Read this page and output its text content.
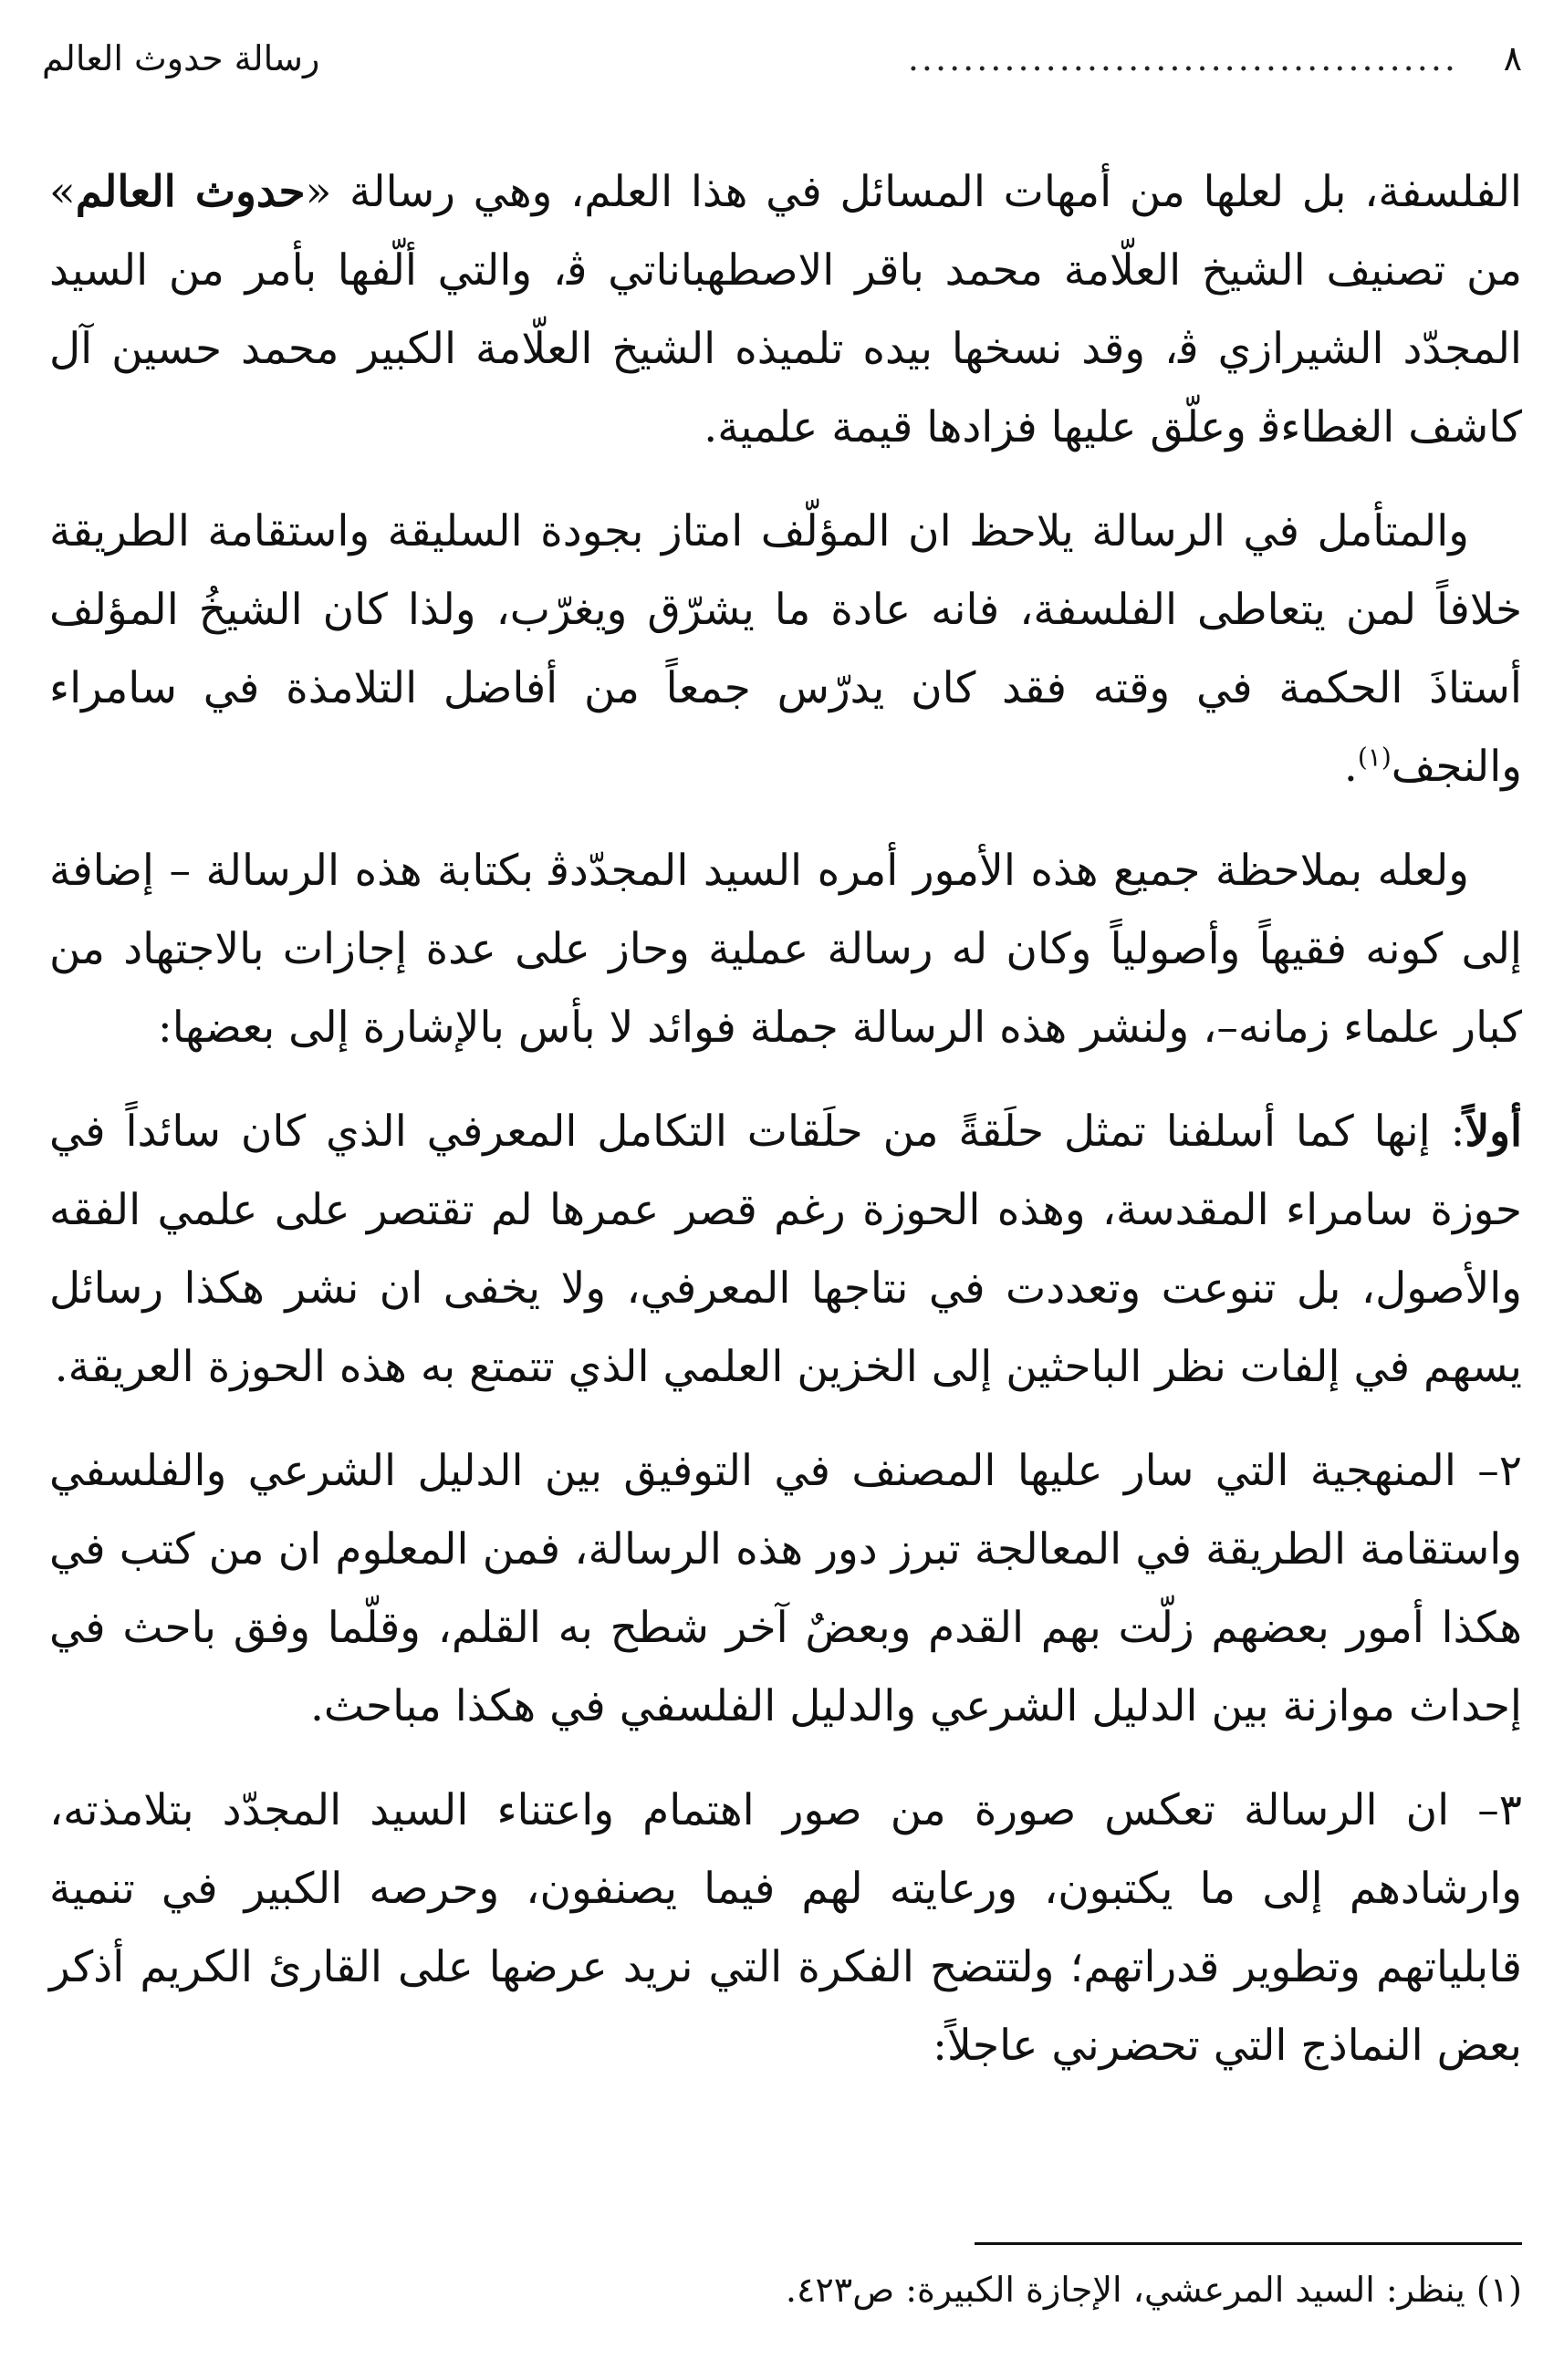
٨
........................................
رسالة حدوث العالم

الفلسفة، بل لعلها من أمهات المسائل في هذا العلم، وهي رسالة «حدوث العالم» من تصنيف الشيخ العلّامة محمد باقر الاصطهباناتي ﭬ، والتي ألّفها بأمر من السيد المجدّد الشيرازي ﭬ، وقد نسخها بيده تلميذه الشيخ العلّامة الكبير محمد حسين آل كاشف الغطاءﭬ وعلّق عليها فزادها قيمة علمية.

والمتأمل في الرسالة يلاحظ ان المؤلّف امتاز بجودة السليقة واستقامة الطريقة خلافاً لمن يتعاطى الفلسفة، فانه عادة ما يشرّق ويغرّب، ولذا كان الشيخُ المؤلف أستاذَ الحكمة في وقته فقد كان يدرّس جمعاً من أفاضل التلامذة في سامراء والنجف$^{(١)}$.

ولعله بملاحظة جميع هذه الأمور أمره السيد المجدّدﭬ بكتابة هذه الرسالة – إضافة إلى كونه فقيهاً وأصولياً وكان له رسالة عملية وحاز على عدة إجازات بالاجتهاد من كبار علماء زمانه–، ولنشر هذه الرسالة جملة فوائد لا بأس بالإشارة إلى بعضها:

أولاً: إنها كما أسلفنا تمثل حلَقةً من حلَقات التكامل المعرفي الذي كان سائداً في حوزة سامراء المقدسة، وهذه الحوزة رغم قصر عمرها لم تقتصر على علمي الفقه والأصول، بل تنوعت وتعددت في نتاجها المعرفي، ولا يخفى ان نشر هكذا رسائل يسهم في إلفات نظر الباحثين إلى الخزين العلمي الذي تتمتع به هذه الحوزة العريقة.

٢– المنهجية التي سار عليها المصنف في التوفيق بين الدليل الشرعي والفلسفي واستقامة الطريقة في المعالجة تبرز دور هذه الرسالة، فمن المعلوم ان من كتب في هكذا أمور بعضهم زلّت بهم القدم وبعضٌ آخر شطح به القلم، وقلّما وفق باحث في إحداث موازنة بين الدليل الشرعي والدليل الفلسفي في هكذا مباحث.

٣– ان الرسالة تعكس صورة من صور اهتمام واعتناء السيد المجدّد بتلامذته، وارشادهم إلى ما يكتبون، ورعايته لهم فيما يصنفون، وحرصه الكبير في تنمية قابلياتهم وتطوير قدراتهم؛ ولتتضح الفكرة التي نريد عرضها على القارئ الكريم أذكر بعض النماذج التي تحضرني عاجلاً:

(١) ينظر: السيد المرعشي، الإجازة الكبيرة: ص٤٢٣.
